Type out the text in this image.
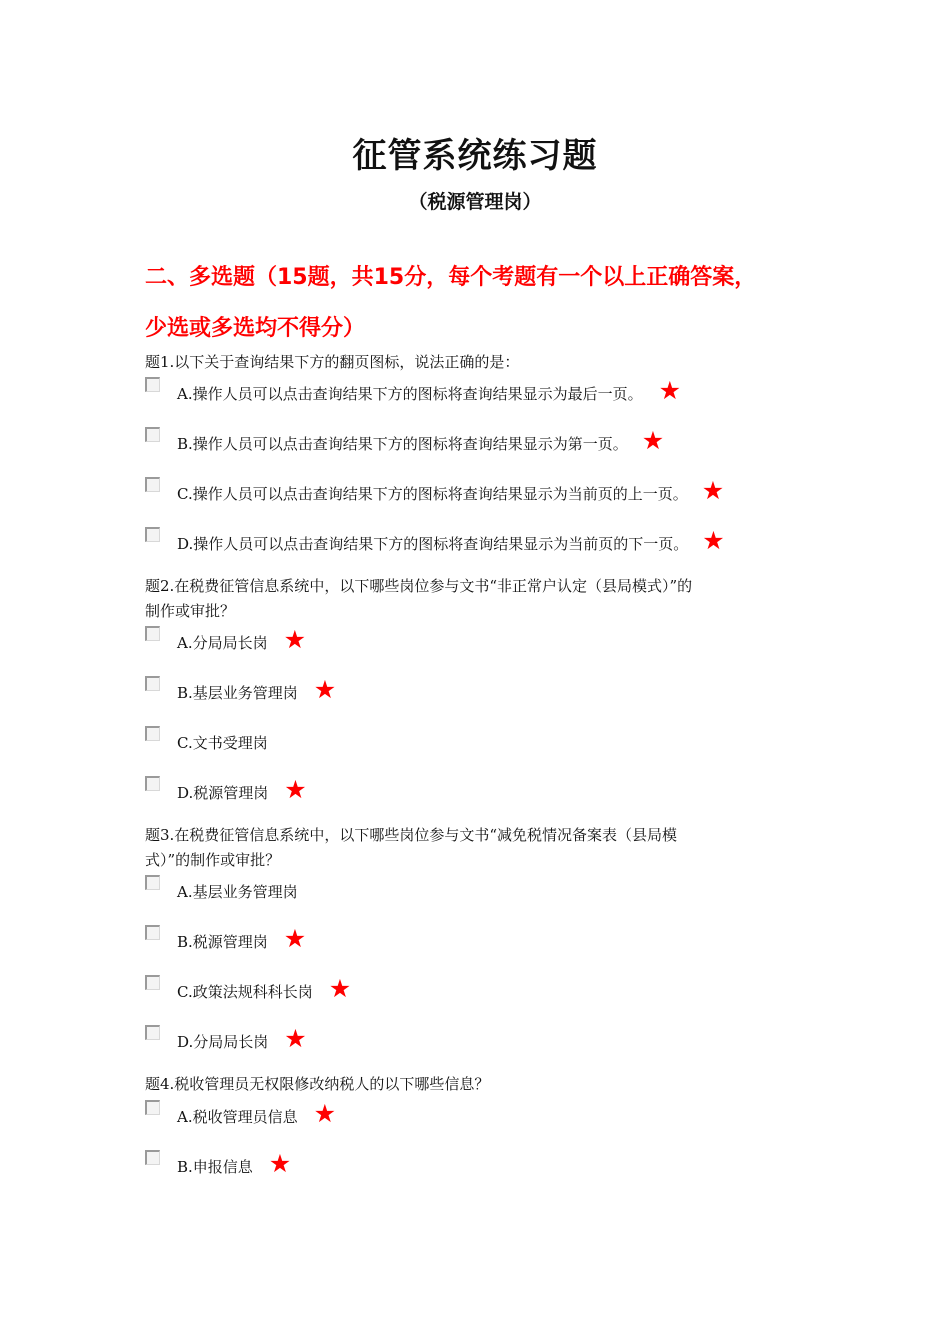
征管系统练习题
（税源管理岗）
二、多选题（15题，共15分，每个考题有一个以上正确答案，
少选或多选均不得分）
题1.以下关于查询结果下方的翻页图标，说法正确的是：
A.操作人员可以点击查询结果下方的图标将查询结果显示为最后一页。 ★
B.操作人员可以点击查询结果下方的图标将查询结果显示为第一页。 ★
C.操作人员可以点击查询结果下方的图标将查询结果显示为当前页的上一页。 ★
D.操作人员可以点击查询结果下方的图标将查询结果显示为当前页的下一页。 ★
题2.在税费征管信息系统中，以下哪些岗位参与文书“非正常户认定（县局模式）”的
制作或审批？
A.分局局长岗 ★
B.基层业务管理岗 ★
C.文书受理岗
D.税源管理岗 ★
题3.在税费征管信息系统中，以下哪些岗位参与文书“减免税情况备案表（县局模
式）”的制作或审批？
A.基层业务管理岗
B.税源管理岗 ★
C.政策法规科科长岗 ★
D.分局局长岗 ★
题4.税收管理员无权限修改纳税人的以下哪些信息？
A.税收管理员信息 ★
B.申报信息 ★
